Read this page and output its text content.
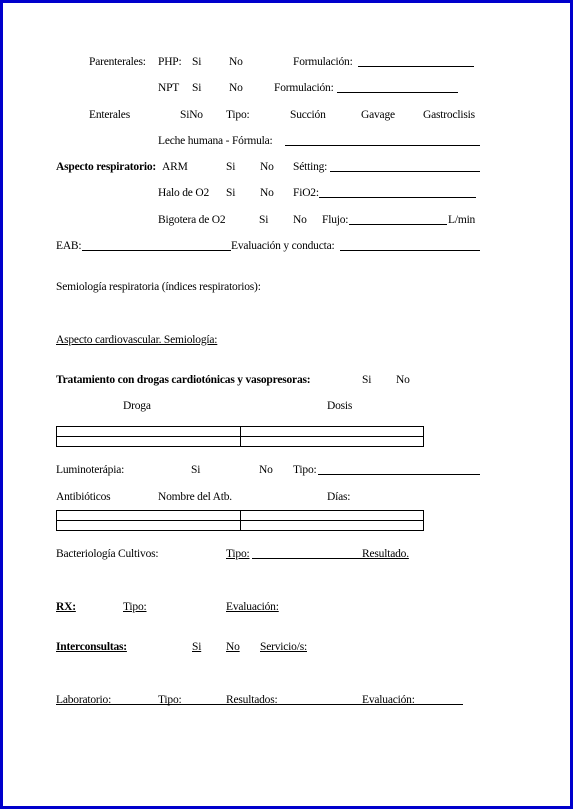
Parenterales: PHP: Si No	Formulación:
NPT Si No	Formulación:
Enterales	SiNo Tipo:	Succión	Gavage Gastroclisis
Leche humana - Fórmula:
Aspecto respiratorio: ARM	Si No Sétting:
Halo de O2 Si No FiO2:
Bigotera de O2	Si No Flujo:	L/min
EAB:	Evaluación y conducta:
Semiología respiratoria (índices respiratorios):
Aspecto cardiovascular. Semiología:
Tratamiento con drogas cardiotónicas y vasopresoras:	Si No
Droga	Dosis

Luminoterápia:	Si	No Tipo:
Antibióticos	Nombre del Atb.	Días:

Bacteriología Cultivos:	Tipo:	Resultado.
RX:	Tipo:	Evaluación:
Interconsultas:	Si No Servicio/s:
Laboratorio:	Tipo:	Resultados:	Evaluación:
